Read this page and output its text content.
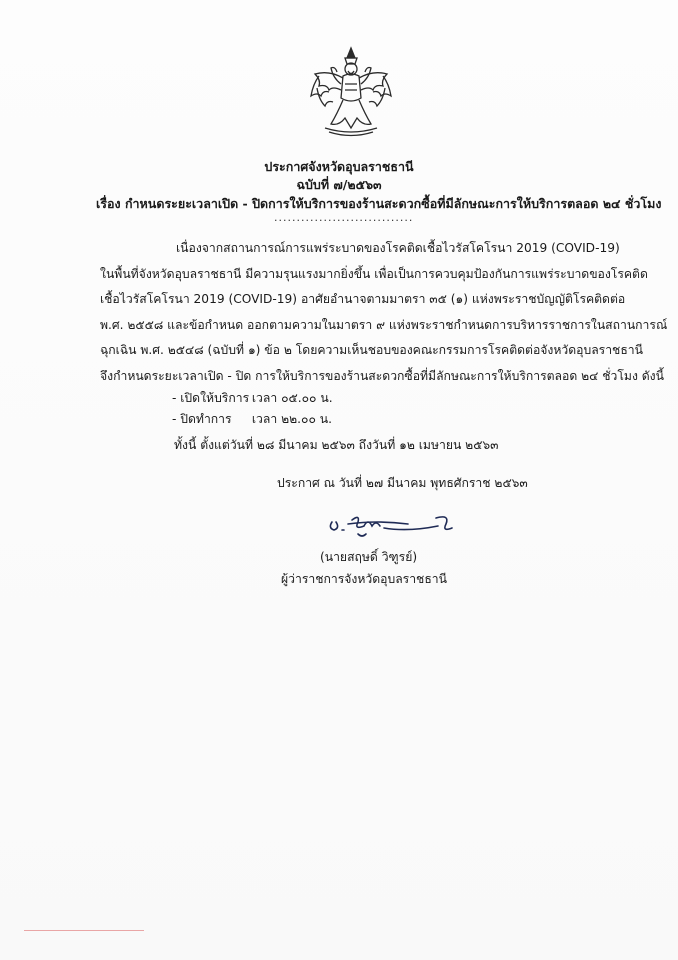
ประกาศจังหวัดอุบลราชธานี
ฉบับที่ ๗/๒๕๖๓
เรื่อง กำหนดระยะเวลาเปิด - ปิดการให้บริการของร้านสะดวกซื้อที่มีลักษณะการให้บริการตลอด ๒๔ ชั่วโมง
...............................
เนื่องจากสถานการณ์การแพร่ระบาดของโรคติดเชื้อไวรัสโคโรนา 2019 (COVID-19)
ในพื้นที่จังหวัดอุบลราชธานี มีความรุนแรงมากยิ่งขึ้น เพื่อเป็นการควบคุมป้องกันการแพร่ระบาดของโรคติด
เชื้อไวรัสโคโรนา 2019 (COVID-19) อาศัยอำนาจตามมาตรา ๓๕ (๑) แห่งพระราชบัญญัติโรคติดต่อ
พ.ศ. ๒๕๕๘ และข้อกำหนด ออกตามความในมาตรา ๙ แห่งพระราชกำหนดการบริหารราชการในสถานการณ์
ฉุกเฉิน พ.ศ. ๒๕๔๘ (ฉบับที่ ๑) ข้อ ๒ โดยความเห็นชอบของคณะกรรมการโรคติดต่อจังหวัดอุบลราชธานี
จึงกำหนดระยะเวลาเปิด - ปิด การให้บริการของร้านสะดวกซื้อที่มีลักษณะการให้บริการตลอด ๒๔ ชั่วโมง ดังนี้
- เปิดให้บริการ เวลา ๐๕.๐๐ น.
- ปิดทำการ เวลา ๒๒.๐๐ น.
ทั้งนี้ ตั้งแต่วันที่ ๒๘ มีนาคม ๒๕๖๓ ถึงวันที่ ๑๒ เมษายน ๒๕๖๓
ประกาศ ณ วันที่ ๒๗ มีนาคม พุทธศักราช ๒๕๖๓
(นายสฤษดิ์ วิฑูรย์)
ผู้ว่าราชการจังหวัดอุบลราชธานี
